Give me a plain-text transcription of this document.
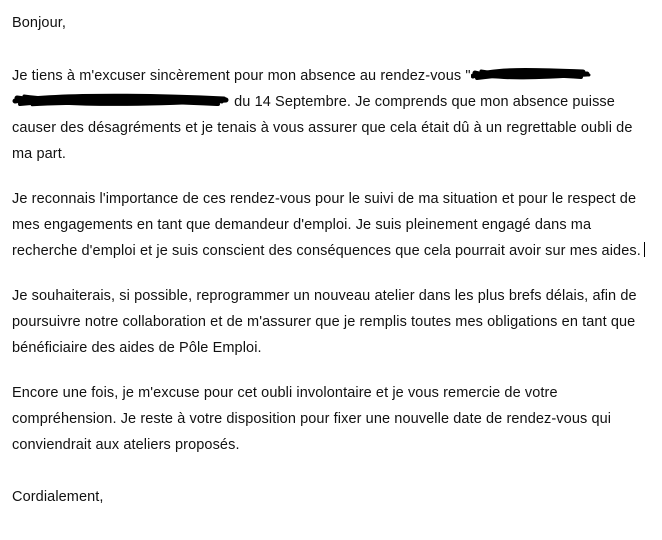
Bonjour,

Je tiens à m'excuser sincèrement pour mon absence au rendez-vous "

du 14 Septembre. Je comprends que mon absence puisse causer des désagréments et je tenais à vous assurer que cela était dû à un regrettable oubli de ma part.

Je reconnais l'importance de ces rendez-vous pour le suivi de ma situation et pour le respect de mes engagements en tant que demandeur d'emploi. Je suis pleinement engagé dans ma recherche d'emploi et je suis conscient des conséquences que cela pourrait avoir sur mes aides.

Je souhaiterais, si possible, reprogrammer un nouveau atelier dans les plus brefs délais, afin de poursuivre notre collaboration et de m'assurer que je remplis toutes mes obligations en tant que bénéficiaire des aides de Pôle Emploi.

Encore une fois, je m'excuse pour cet oubli involontaire et je vous remercie de votre compréhension. Je reste à votre disposition pour fixer une nouvelle date de rendez-vous qui conviendrait aux ateliers proposés.

Cordialement,
